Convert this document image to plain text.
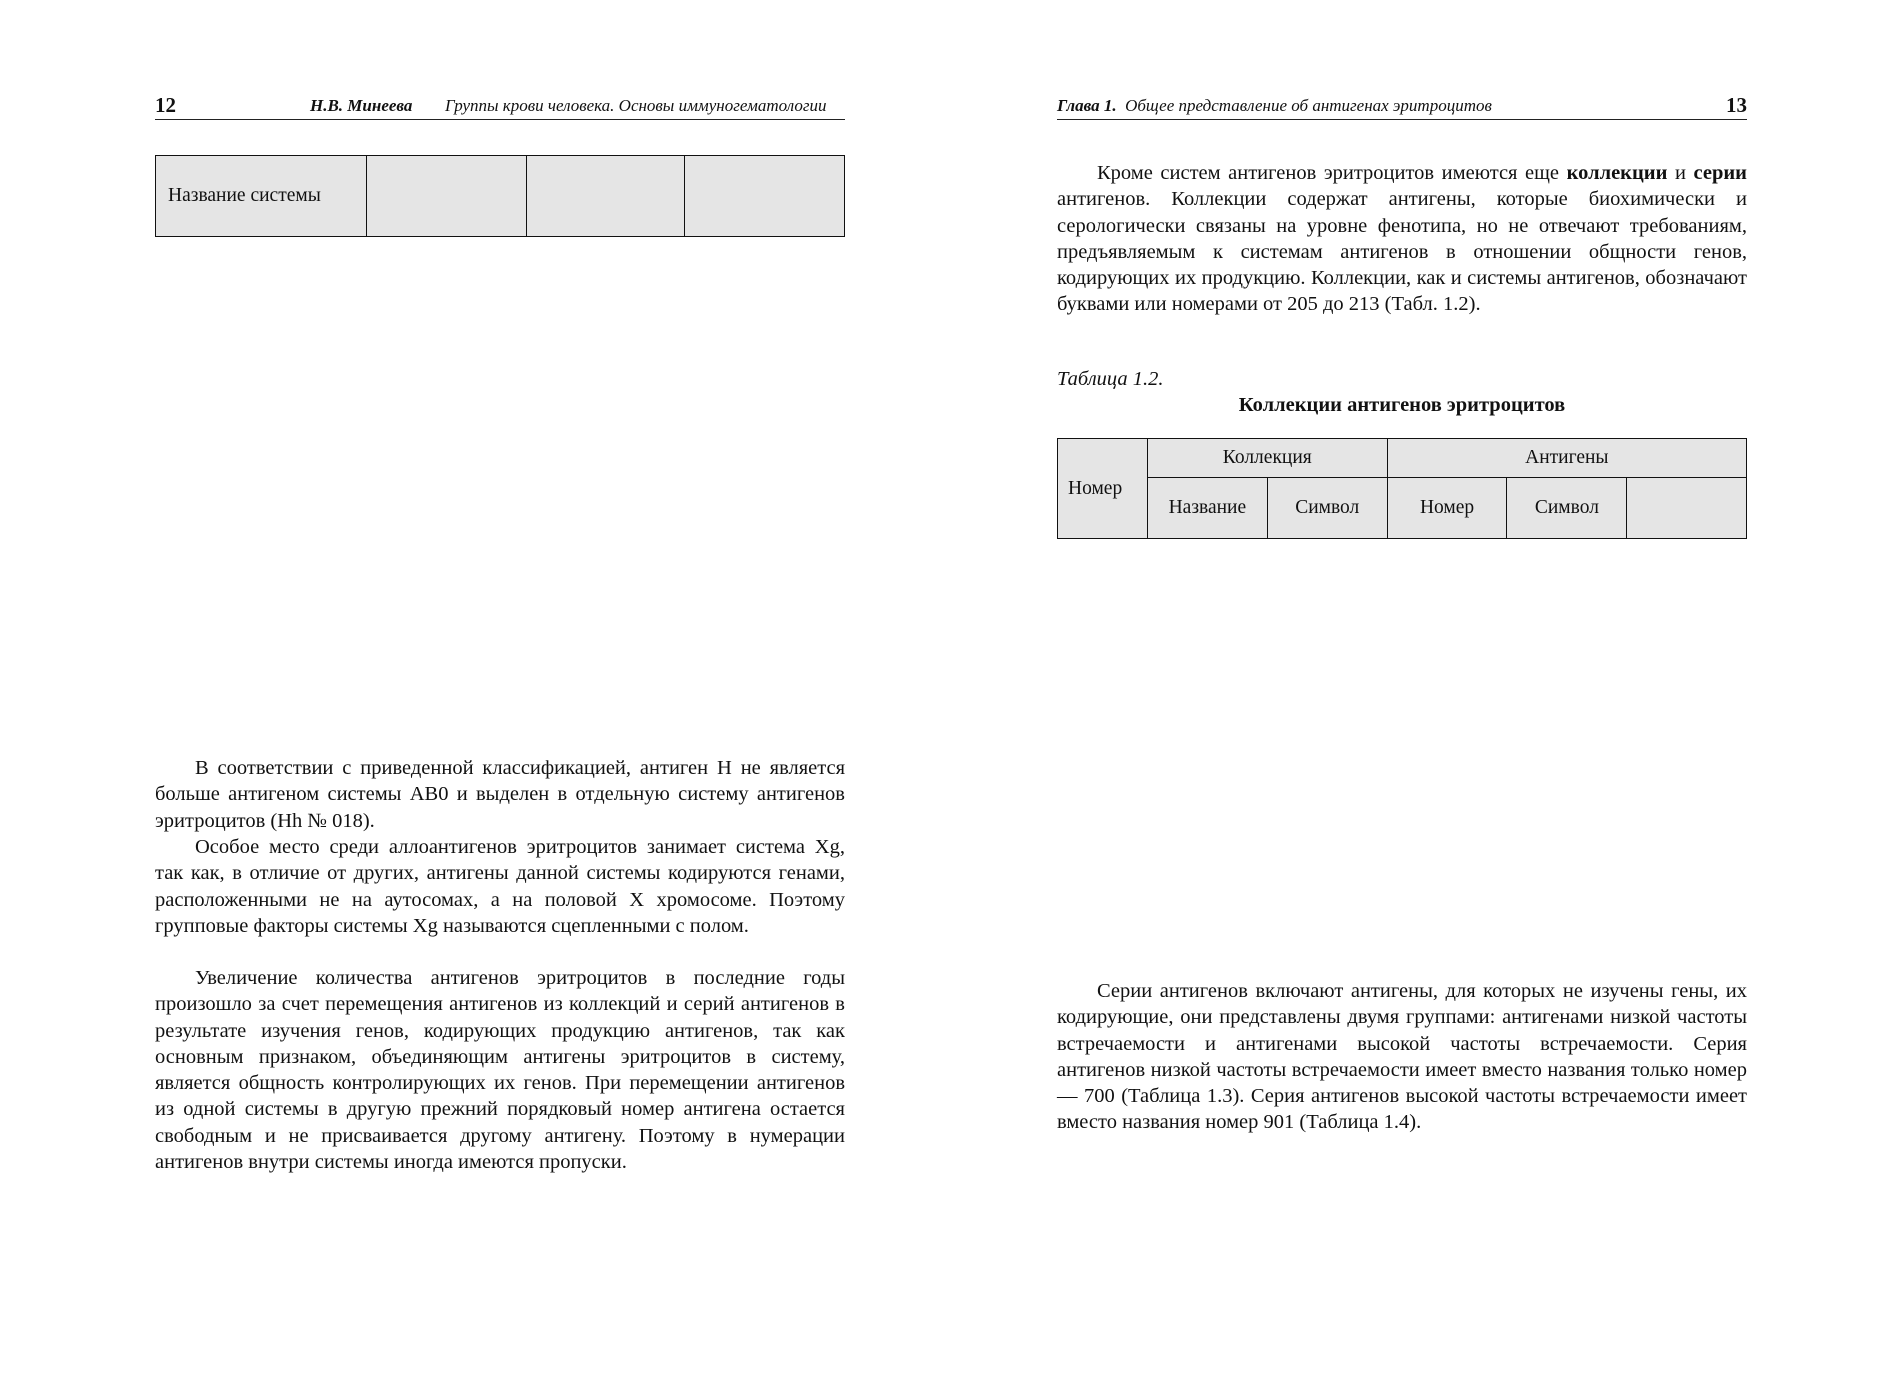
12	Н.В. Минеева Группы крови человека. Основы иммуногематологии
Название системы			

В соответствии с приведенной классификацией, антиген H не является больше антигеном системы AB0 и выделен в отдельную систему антигенов эритроцитов (Hh № 018).

Особое место среди аллоантигенов эритроцитов занимает система Xg, так как, в отличие от других, антигены данной системы кодируются генами, расположенными не на аутосомах, а на половой X хромосоме. Поэтому групповые факторы системы Xg называются сцепленными с полом.

Увеличение количества антигенов эритроцитов в последние годы произошло за счет перемещения антигенов из коллекций и серий антигенов в результате изучения генов, кодирующих продукцию антигенов, так как основным признаком, объединяющим антигены эритроцитов в систему, является общность контролирующих их генов. При перемещении антигенов из одной системы в другую прежний порядковый номер антигена остается свободным и не присваивается другому антигену. Поэтому в нумерации антигенов внутри системы иногда имеются пропуски.

Глава 1. Общее представление об антигенах эритроцитов	13

Кроме систем антигенов эритроцитов имеются еще коллекции и серии антигенов. Коллекции содержат антигены, которые биохимически и серологически связаны на уровне фенотипа, но не отвечают требованиям, предъявляемым к системам антигенов в отношении общности генов, кодирующих их продукцию. Коллекции, как и системы антигенов, обозначают буквами или номерами от 205 до 213 (Табл. 1.2).

Таблица 1.2.
Коллекции антигенов эритроцитов
Номер	Коллекция		Антигены		
	Название	Символ	Номер	Символ	

Серии антигенов включают антигены, для которых не изучены гены, их кодирующие, они представлены двумя группами: антигенами низкой частоты встречаемости и антигенами высокой частоты встречаемости. Серия антигенов низкой частоты встречаемости имеет вместо названия только номер — 700 (Таблица 1.3). Серия антигенов высокой частоты встречаемости имеет вместо названия номер 901 (Таблица 1.4).
